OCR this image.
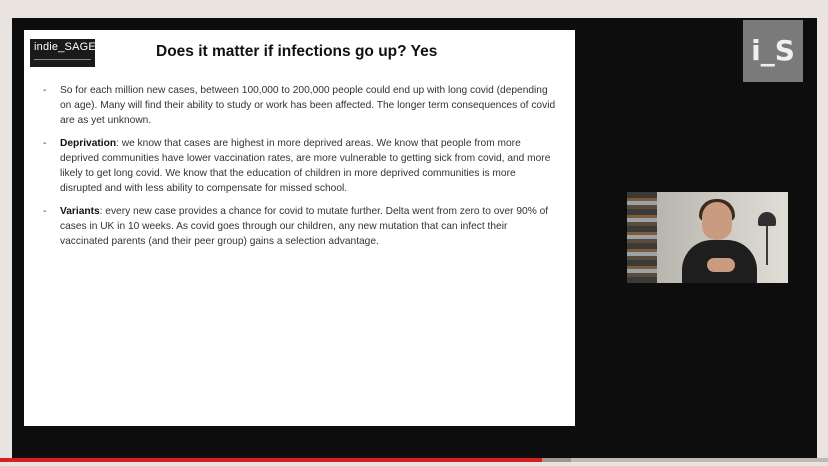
indie_SAGE	Does it matter if infections go up? Yes
- So for each million new cases, between 100,000 to 200,000 people could end up with long covid (depending on age). Many will find their ability to study or work has been affected. The longer term consequences of covid are as yet unknown.
- Deprivation: we know that cases are highest in more deprived areas. We know that people from more deprived communities have lower vaccination rates, are more vulnerable to getting sick from covid, and more likely to get long covid. We know that the education of children in more deprived communities is more disrupted and with less ability to compensate for missed school.
- Variants: every new case provides a chance for covid to mutate further. Delta went from zero to over 90% of cases in UK in 10 weeks. As covid goes through our children, any new mutation that can infect their vaccinated parents (and their peer group) gains a selection advantage.
i_S
